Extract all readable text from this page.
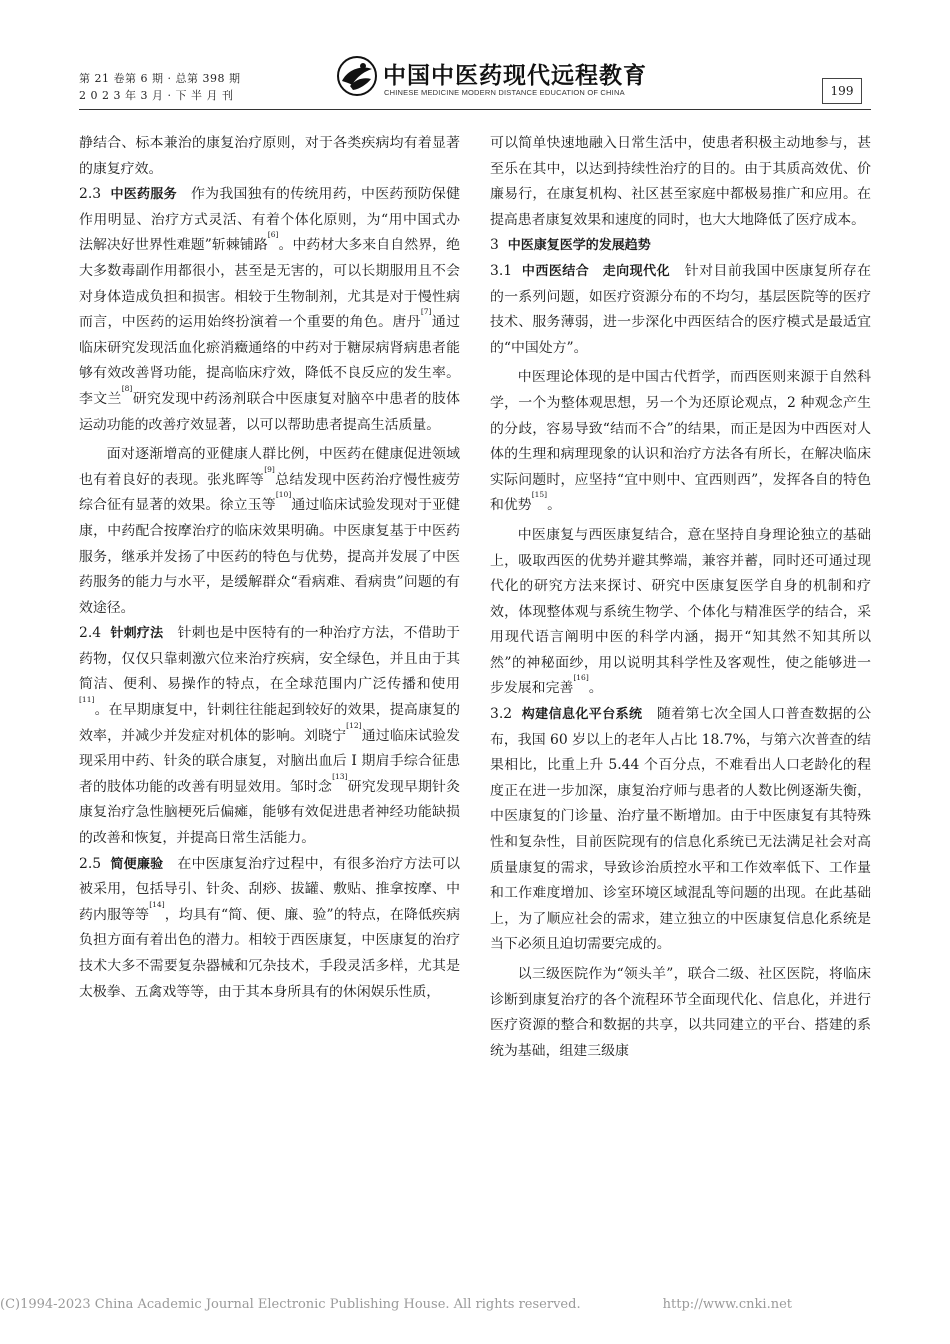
第 21 卷第 6 期 · 总第 398 期
2 0 2 3 年 3 月 · 下 半 月 刊
中国中医药现代远程教育
CHINESE MEDICINE MODERN DISTANCE EDUCATION OF CHINA	199

静结合、标本兼治的康复治疗原则，对于各类疾病均有着显著的康复疗效。

2.3 中医药服务 作为我国独有的传统用药，中医药预防保健作用明显、治疗方式灵活、有着个体化原则，为“用中国式办法解决好世界性难题”斩棘铺路[6]。中药材大多来自自然界，绝大多数毒副作用都很小，甚至是无害的，可以长期服用且不会对身体造成负担和损害。相较于生物制剂，尤其是对于慢性病而言，中医药的运用始终扮演着一个重要的角色。唐丹[7]通过临床研究发现活血化瘀消癥通络的中药对于糖尿病肾病患者能够有效改善肾功能，提高临床疗效，降低不良反应的发生率。李文兰[8]研究发现中药汤剂联合中医康复对脑卒中患者的肢体运动功能的改善疗效显著，以可以帮助患者提高生活质量。

面对逐渐增高的亚健康人群比例，中医药在健康促进领域也有着良好的表现。张兆晖等[9]总结发现中医药治疗慢性疲劳综合征有显著的效果。徐立玉等[10]通过临床试验发现对于亚健康，中药配合按摩治疗的临床效果明确。中医康复基于中医药服务，继承并发扬了中医药的特色与优势，提高并发展了中医药服务的能力与水平，是缓解群众“看病难、看病贵”问题的有效途径。

2.4 针刺疗法 针刺也是中医特有的一种治疗方法，不借助于药物，仅仅只靠刺激穴位来治疗疾病，安全绿色，并且由于其简洁、便利、易操作的特点，在全球范围内广泛传播和使用[11]。在早期康复中，针刺往往能起到较好的效果，提高康复的效率，并减少并发症对机体的影响。刘晓宁[12]通过临床试验发现采用中药、针灸的联合康复，对脑出血后 I 期肩手综合征患者的肢体功能的改善有明显效用。邹时念[13]研究发现早期针灸康复治疗急性脑梗死后偏瘫，能够有效促进患者神经功能缺损的改善和恢复，并提高日常生活能力。

2.5 简便廉验 在中医康复治疗过程中，有很多治疗方法可以被采用，包括导引、针灸、刮痧、拔罐、敷贴、推拿按摩、中药内服等等[14]，均具有“简、便、廉、验”的特点，在降低疾病负担方面有着出色的潜力。相较于西医康复，中医康复的治疗技术大多不需要复杂器械和冗杂技术，手段灵活多样，尤其是太极拳、五禽戏等等，由于其本身所具有的休闲娱乐性质，

可以简单快速地融入日常生活中，使患者积极主动地参与，甚至乐在其中，以达到持续性治疗的目的。由于其质高效优、价廉易行，在康复机构、社区甚至家庭中都极易推广和应用。在提高患者康复效果和速度的同时，也大大地降低了医疗成本。

3 中医康复医学的发展趋势

3.1 中西医结合　走向现代化 针对目前我国中医康复所存在的一系列问题，如医疗资源分布的不均匀，基层医院等的医疗技术、服务薄弱，进一步深化中西医结合的医疗模式是最适宜的“中国处方”。

中医理论体现的是中国古代哲学，而西医则来源于自然科学，一个为整体观思想，另一个为还原论观点，2 种观念产生的分歧，容易导致“结而不合”的结果，而正是因为中西医对人体的生理和病理现象的认识和治疗方法各有所长，在解决临床实际问题时，应坚持“宜中则中、宜西则西”，发挥各自的特色和优势[15]。

中医康复与西医康复结合，意在坚持自身理论独立的基础上，吸取西医的优势并避其弊端，兼容并蓄，同时还可通过现代化的研究方法来探讨、研究中医康复医学自身的机制和疗效，体现整体观与系统生物学、个体化与精准医学的结合，采用现代语言阐明中医的科学内涵，揭开“知其然不知其所以然”的神秘面纱，用以说明其科学性及客观性，使之能够进一步发展和完善[16]。

3.2 构建信息化平台系统 随着第七次全国人口普查数据的公布，我国 60 岁以上的老年人占比 18.7%，与第六次普查的结果相比，比重上升 5.44 个百分点，不难看出人口老龄化的程度正在进一步加深，康复治疗师与患者的人数比例逐渐失衡，中医康复的门诊量、治疗量不断增加。由于中医康复有其特殊性和复杂性，目前医院现有的信息化系统已无法满足社会对高质量康复的需求，导致诊治质控水平和工作效率低下、工作量和工作难度增加、诊室环境区域混乱等问题的出现。在此基础上，为了顺应社会的需求，建立独立的中医康复信息化系统是当下必须且迫切需要完成的。

以三级医院作为“领头羊”，联合二级、社区医院，将临床诊断到康复治疗的各个流程环节全面现代化、信息化，并进行医疗资源的整合和数据的共享，以共同建立的平台、搭建的系统为基础，组建三级康

(C)1994-2023 China Academic Journal Electronic Publishing House. All rights reserved.	http://www.cnki.net
